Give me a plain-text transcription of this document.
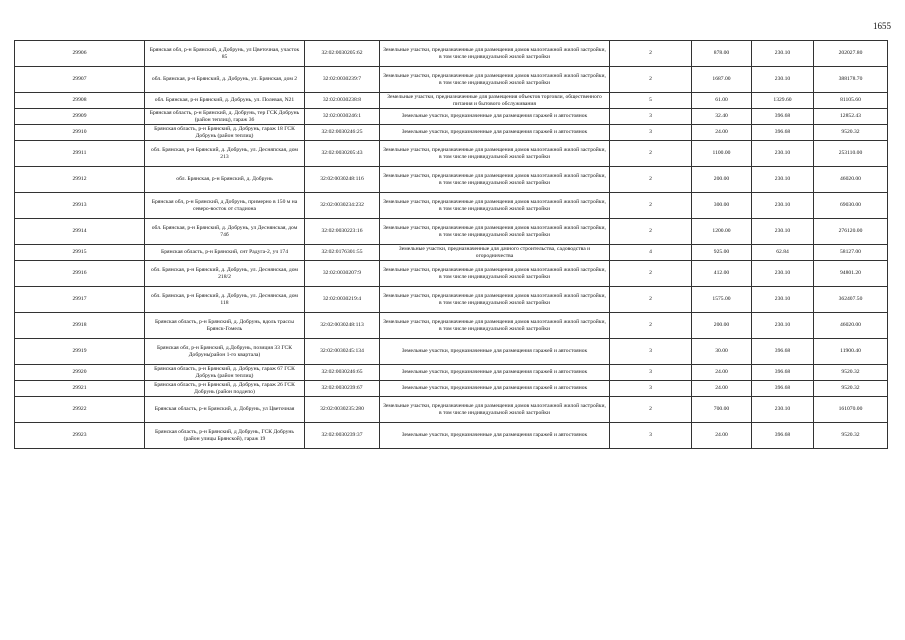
1655
29906	Брянская обл, р-н Брянский, д Добрунь, ул Цветочная, участок 85	32:02:0030205:62	Земельные участки, предназначенные для размещения домов малоэтажной жилой застройки, в том числе индивидуальной жилой застройки	2	878.00	230.10	202027.80
29907	обл. Брянская, р-н Брянский, д. Добрунь, ул. Брянская, дом 2	32:02:0030239:7	Земельные участки, предназначенные для размещения домов малоэтажной жилой застройки, в том числе индивидуальной жилой застройки	2	1687.00	230.10	388178.70
29908	обл. Брянская, р-н Брянский, д. Добрунь, ул. Полевая, N21	32:02:0030238:8	Земельные участки, предназначенные для размещения объектов торговли, общественного питания и бытового обслуживания	5	61.00	1329.60	81105.60
29909	Брянская область, р-н Брянский, д. Добрунь, тер ГСК Добрунь (район теплиц), гараж 36	32:02:0030246:1	Земельные участки, предназначенные для размещения гаражей и автостоянок	3	32.40	396.68	12852.43
29910	Брянская область, р-н Брянский, д. Добрунь, гараж 18 ГСК Добрунь (район теплиц)	32:02:0030246:25	Земельные участки, предназначенные для размещения гаражей и автостоянок	3	24.00	396.68	9520.32
29911	обл. Брянская, р-н Брянский, д. Добрунь, ул. Десняпская, дом 213	32:02:0030205:43	Земельные участки, предназначенные для размещения домов малоэтажной жилой застройки, в том числе индивидуальной жилой застройки	2	1100.00	230.10	253110.00
29912	обл. Брянская, р-н Брянский, д. Добрунь	32:02:0030248:116	Земельные участки, предназначенные для размещения домов малоэтажной жилой застройки, в том числе индивидуальной жилой застройки	2	200.00	230.10	46020.00
29913	Брянская обл, р-н Брянский, д Добрунь, примерно в 150 м на северо-восток от стадиона	32:02:0030234:232	Земельные участки, предназначенные для размещения домов малоэтажной жилой застройки, в том числе индивидуальной жилой застройки	2	300.00	230.10	69030.00
29914	обл. Брянская, р-н Брянский, д. Добрунь, ул Деснянская, дом 74б	32:02:0030223:16	Земельные участки, предназначенные для размещения домов малоэтажной жилой застройки, в том числе индивидуальной жилой застройки	2	1200.00	230.10	276120.00
29915	Брянская область, р-н Брянский, снт Радуга-2, уч 174	32:02:0176301:55	Земельные участки, предназначенные для дачного строительства, садоводства и огородничества	4	925.00	62.84	58127.00
29916	обл. Брянская, р-н Брянский, д. Добрунь, ул. Деснянская, дом 218/2	32:02:0030207:9	Земельные участки, предназначенные для размещения домов малоэтажной жилой застройки, в том числе индивидуальной жилой застройки	2	412.00	230.10	94801.20
29917	обл. Брянская, р-н Брянский, д. Добрунь, ул. Деснянская, дом 118	32:02:0030219:4	Земельные участки, предназначенные для размещения домов малоэтажной жилой застройки, в том числе индивидуальной жилой застройки	2	1575.00	230.10	362407.50
29918	Брянская область, р-н Брянский, д. Добрунь, вдоль трассы Брянск-Гомель	32:02:0030248:113	Земельные участки, предназначенные для размещения домов малоэтажной жилой застройки, в том числе индивидуальной жилой застройки	2	200.00	230.10	46020.00
29919	Брянская обл, р-н Брянский, д.Добрунь, позиция 33 ГСК Добрунь(район 1-го квартала)	32:02:0030245:134	Земельные участки, предназначенные для размещения гаражей и автостоянок	3	30.00	396.68	11900.40
29920	Брянская область, р-н Брянский, д. Добрунь, гараж 67 ГСК Добрунь (район теплиц)	32:02:0030246:65	Земельные участки, предназначенные для размещения гаражей и автостоянок	3	24.00	396.68	9520.32
29921	Брянская область, р-н Брянский, д. Добрунь, гараж 26 ГСК Добрунь (район поддепо)	32:02:0030239:67	Земельные участки, предназначенные для размещения гаражей и автостоянок	3	24.00	396.68	9520.32
29922	Брянская область, р-н Брянский, д. Добрунь, ул Цветочная	32:02:0030235:280	Земельные участки, предназначенные для размещения домов малоэтажной жилой застройки, в том числе индивидуальной жилой застройки	2	700.00	230.10	161070.00
29923	Брянская область, р-н Брянский, д Добрунь, ГСК Добрунь (район улицы Брянской), гараж 19	32:02:0030239:37	Земельные участки, предназначенные для размещения гаражей и автостоянок	3	24.00	396.68	9520.32
